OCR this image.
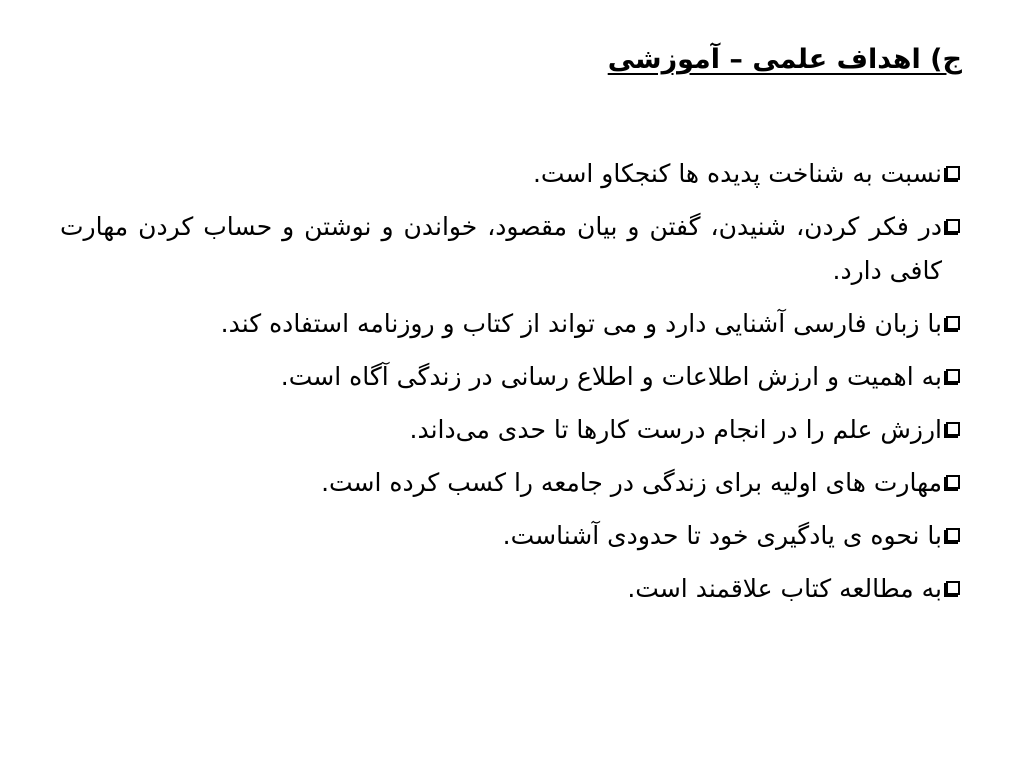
ج) اهداف علمی – آموزشی
نسبت به شناخت پدیده ها کنجکاو است.
در فکر کردن، شنیدن، گفتن و بیان مقصود، خواندن و نوشتن و حساب کردن مهارت کافی دارد.
با زبان فارسی آشنایی دارد و می تواند از کتاب و روزنامه استفاده کند.
به اهمیت و ارزش اطلاعات و اطلاع رسانی در زندگی آگاه است.
ارزش علم را در انجام درست کارها تا حدی می‌داند.
مهارت های اولیه برای زندگی در جامعه را کسب کرده است.
با نحوه ی یادگیری خود تا حدودی آشناست.
به مطالعه کتاب علاقمند است.
